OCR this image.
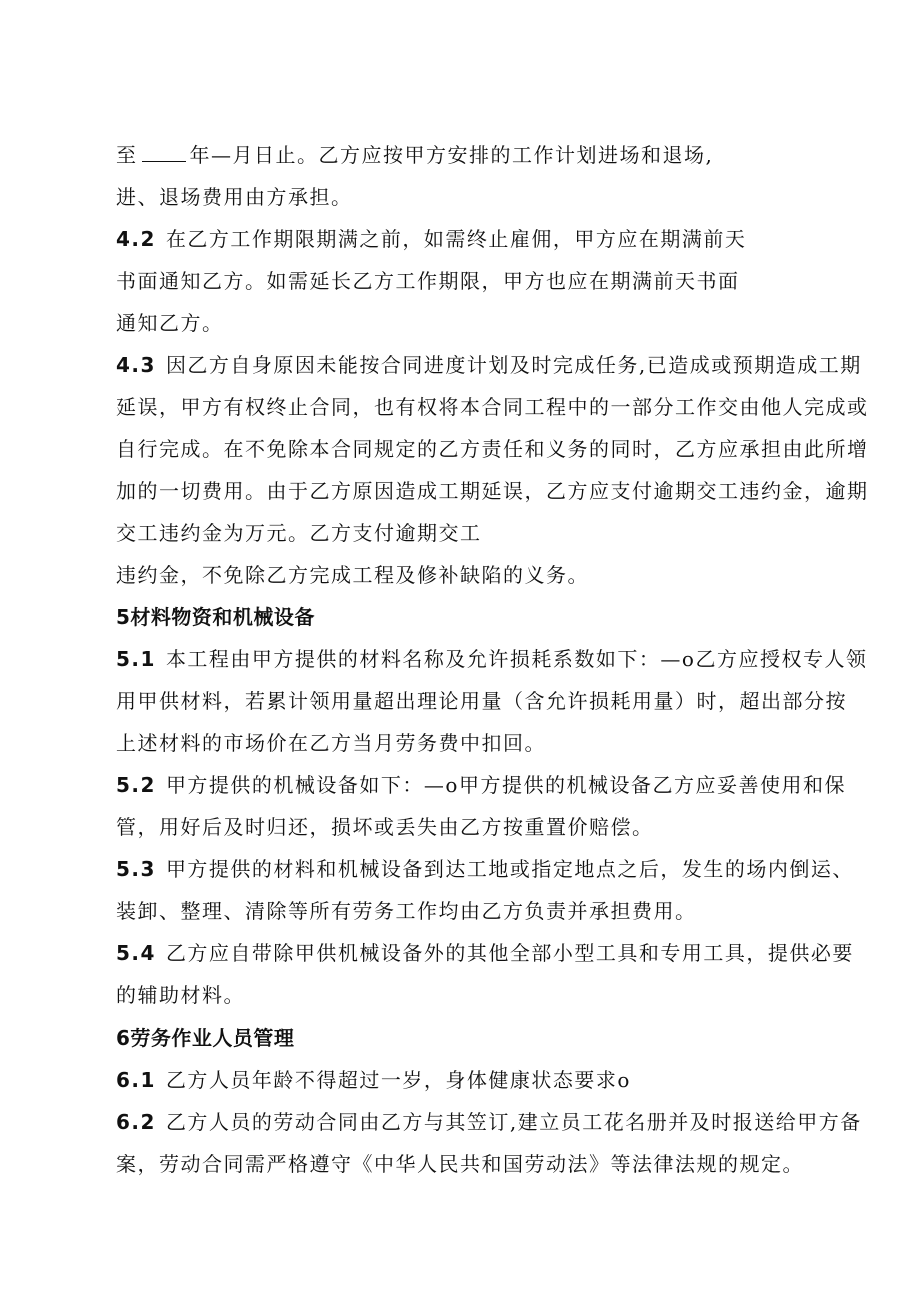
至	年—月日止。乙方应按甲方安排的工作计划进场和退场,
进、退场费用由方承担。
4.2 在乙方工作期限期满之前，如需终止雇佣，甲方应在期满前天
书面通知乙方。如需延长乙方工作期限，甲方也应在期满前天书面
通知乙方。
4.3 因乙方自身原因未能按合同进度计划及时完成任务,已造成或预期造成工期
延误，甲方有权终止合同，也有权将本合同工程中的一部分工作交由他人完成或
自行完成。在不免除本合同规定的乙方责任和义务的同时，乙方应承担由此所增
加的一切费用。由于乙方原因造成工期延误，乙方应支付逾期交工违约金，逾期
交工违约金为万元。乙方支付逾期交工
违约金，不免除乙方完成工程及修补缺陷的义务。
5材料物资和机械设备
5.1 本工程由甲方提供的材料名称及允许损耗系数如下：—o乙方应授权专人领
用甲供材料，若累计领用量超出理论用量（含允许损耗用量）时，超出部分按
上述材料的市场价在乙方当月劳务费中扣回。
5.2 甲方提供的机械设备如下：—o甲方提供的机械设备乙方应妥善使用和保
管，用好后及时归还，损坏或丢失由乙方按重置价赔偿。
5.3 甲方提供的材料和机械设备到达工地或指定地点之后，发生的场内倒运、
装卸、整理、清除等所有劳务工作均由乙方负责并承担费用。
5.4 乙方应自带除甲供机械设备外的其他全部小型工具和专用工具，提供必要
的辅助材料。
6劳务作业人员管理
6.1 乙方人员年龄不得超过一岁，身体健康状态要求o
6.2 乙方人员的劳动合同由乙方与其笠订,建立员工花名册并及时报送给甲方备
案，劳动合同需严格遵守《中华人民共和国劳动法》等法律法规的规定。
